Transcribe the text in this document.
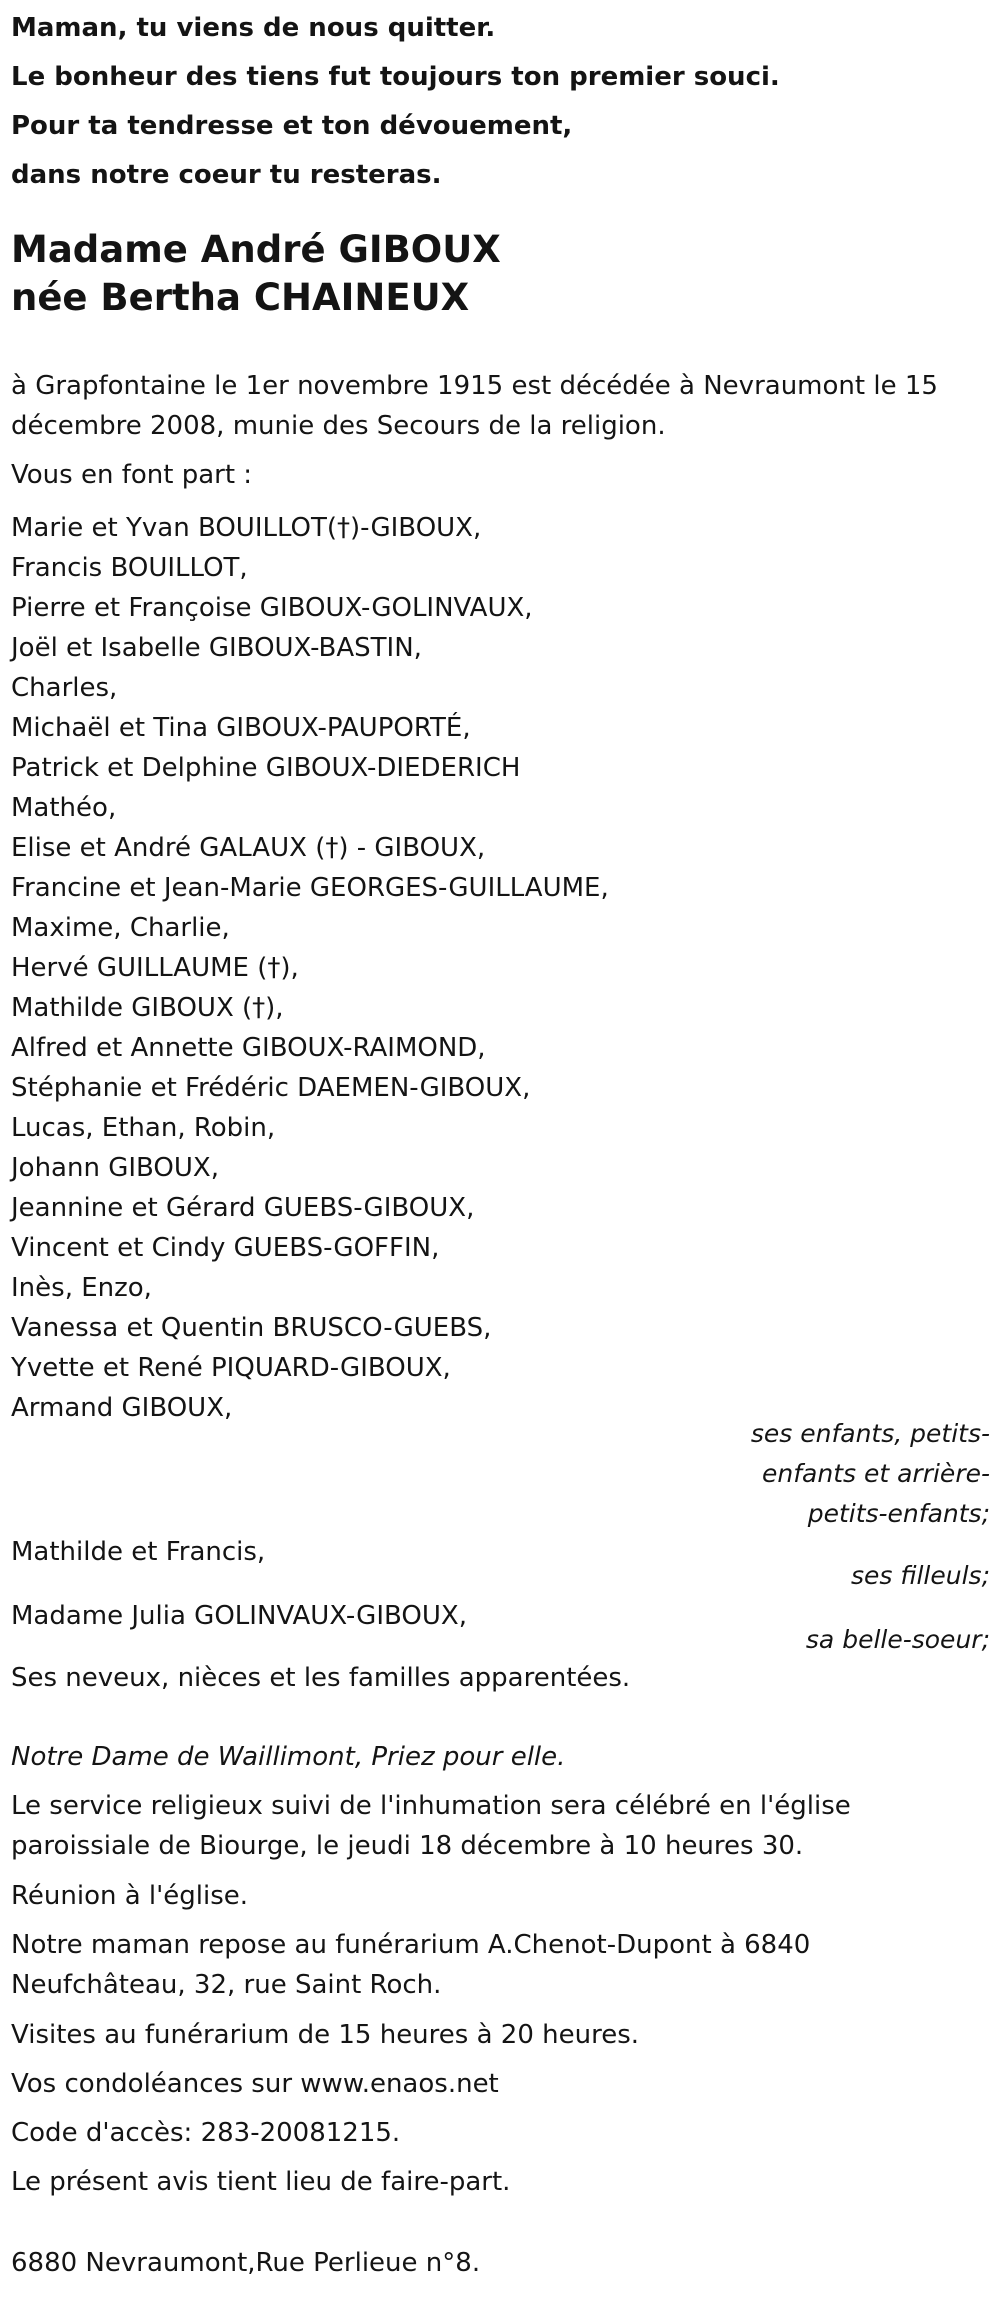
Maman, tu viens de nous quitter.
Le bonheur des tiens fut toujours ton premier souci.
Pour ta tendresse et ton dévouement,
dans notre coeur tu resteras.
Madame André GIBOUX
née Bertha CHAINEUX
à Grapfontaine le 1er novembre 1915 est décédée à Nevraumont le 15
décembre 2008, munie des Secours de la religion.
Vous en font part :
Marie et Yvan BOUILLOT(†)-GIBOUX,
Francis BOUILLOT,
Pierre et Françoise GIBOUX-GOLINVAUX,
Joël et Isabelle GIBOUX-BASTIN,
Charles,
Michaël et Tina GIBOUX-PAUPORTÉ,
Patrick et Delphine GIBOUX-DIEDERICH
Mathéo,
Elise et André GALAUX (†) - GIBOUX,
Francine et Jean-Marie GEORGES-GUILLAUME,
Maxime, Charlie,
Hervé GUILLAUME (†),
Mathilde GIBOUX (†),
Alfred et Annette GIBOUX-RAIMOND,
Stéphanie et Frédéric DAEMEN-GIBOUX,
Lucas, Ethan, Robin,
Johann GIBOUX,
Jeannine et Gérard GUEBS-GIBOUX,
Vincent et Cindy GUEBS-GOFFIN,
Inès, Enzo,
Vanessa et Quentin BRUSCO-GUEBS,
Yvette et René PIQUARD-GIBOUX,
Armand GIBOUX,
ses enfants, petits-
enfants et arrière-
petits-enfants;
Mathilde et Francis,
ses filleuls;
Madame Julia GOLINVAUX-GIBOUX,
sa belle-soeur;
Ses neveux, nièces et les familles apparentées.
Notre Dame de Waillimont, Priez pour elle.
Le service religieux suivi de l'inhumation sera célébré en l'église
paroissiale de Biourge, le jeudi 18 décembre à 10 heures 30.
Réunion à l'église.
Notre maman repose au funérarium A.Chenot-Dupont à 6840
Neufchâteau, 32, rue Saint Roch.
Visites au funérarium de 15 heures à 20 heures.
Vos condoléances sur www.enaos.net
Code d'accès: 283-20081215.
Le présent avis tient lieu de faire-part.
6880 Nevraumont,Rue Perlieue n°8.
